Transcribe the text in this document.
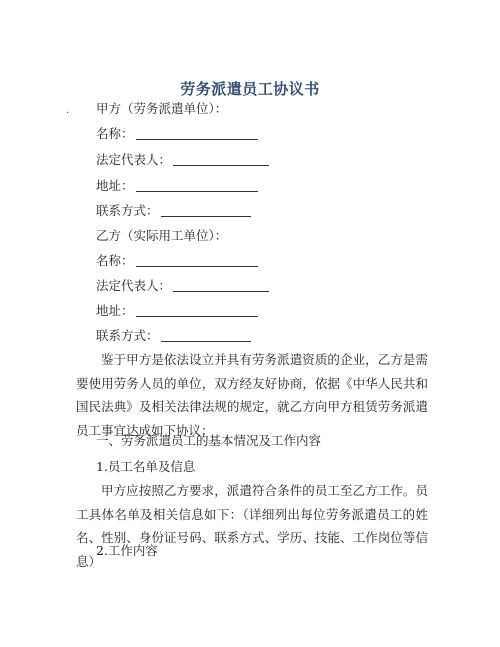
劳务派遣员工协议书
· 甲方（劳务派遣单位）：
名称：
法定代表人：
地址：
联系方式：
乙方（实际用工单位）：
名称：
法定代表人：
地址：
联系方式：
鉴于甲方是依法设立并具有劳务派遣资质的企业，乙方是需要使用劳务人员的单位，双方经友好协商，依据《中华人民共和国民法典》及相关法律法规的规定，就乙方向甲方租赁劳务派遣员工事宜达成如下协议：
一、劳务派遣员工的基本情况及工作内容
1.员工名单及信息
甲方应按照乙方要求，派遣符合条件的员工至乙方工作。员工具体名单及相关信息如下：（详细列出每位劳务派遣员工的姓名、性别、身份证号码、联系方式、学历、技能、工作岗位等信息）
2.工作内容
